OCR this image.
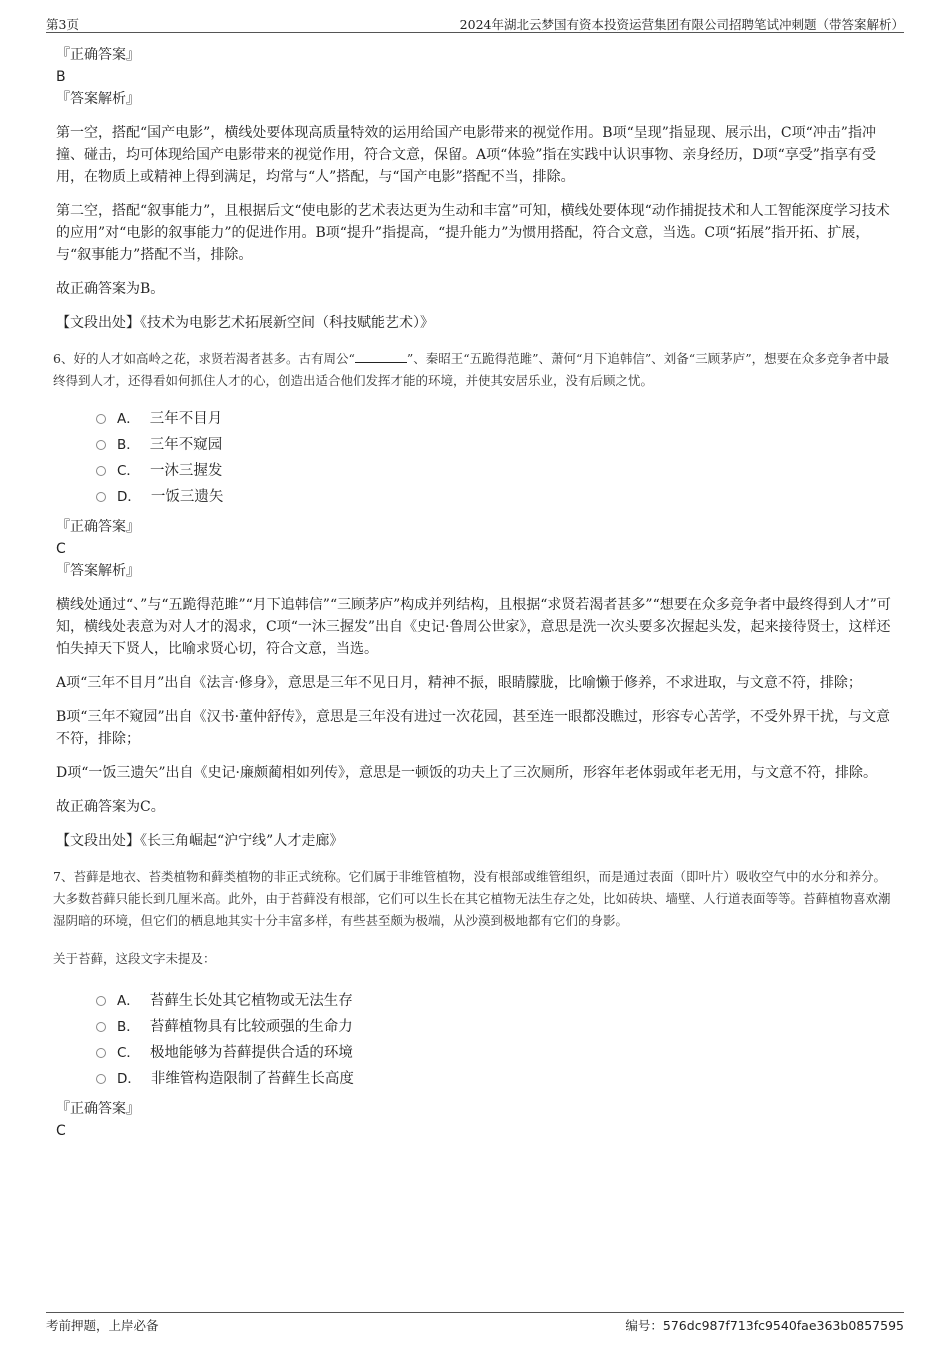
第3页	2024年湖北云梦国有资本投资运营集团有限公司招聘笔试冲刺题（带答案解析）
『正确答案』
B
『答案解析』
第一空，搭配“国产电影”，横线处要体现高质量特效的运用给国产电影带来的视觉作用。B项“呈现”指显现、展示出，C项“冲击”指冲撞、碰击，均可体现给国产电影带来的视觉作用，符合文意，保留。A项“体验”指在实践中认识事物、亲身经历，D项“享受”指享有受用，在物质上或精神上得到满足，均常与“人”搭配，与“国产电影”搭配不当，排除。
第二空，搭配“叙事能力”，且根据后文“使电影的艺术表达更为生动和丰富”可知，横线处要体现“动作捕捉技术和人工智能深度学习技术的应用”对“电影的叙事能力”的促进作用。B项“提升”指提高，“提升能力”为惯用搭配，符合文意，当选。C项“拓展”指开拓、扩展，与“叙事能力”搭配不当，排除。
故正确答案为B。
【文段出处】《技术为电影艺术拓展新空间（科技赋能艺术）》
6、好的人才如高岭之花，求贤若渴者甚多。古有周公“	”、秦昭王“五跪得范雎”、萧何“月下追韩信”、刘备“三顾茅庐”，想要在众多竞争者中最终得到人才，还得看如何抓住人才的心，创造出适合他们发挥才能的环境，并使其安居乐业，没有后顾之忧。
A． 三年不目月
B． 三年不窥园
C． 一沐三握发
D． 一饭三遗矢
『正确答案』
C
『答案解析』
横线处通过“、”与“五跪得范雎”“月下追韩信”“三顾茅庐”构成并列结构，且根据“求贤若渴者甚多”“想要在众多竞争者中最终得到人才”可知，横线处表意为对人才的渴求，C项“一沐三握发”出自《史记·鲁周公世家》，意思是洗一次头要多次握起头发，起来接待贤士，这样还怕失掉天下贤人，比喻求贤心切，符合文意，当选。
A项“三年不目月”出自《法言·修身》，意思是三年不见日月，精神不振，眼睛朦胧，比喻懒于修养，不求进取，与文意不符，排除；
B项“三年不窥园”出自《汉书·董仲舒传》，意思是三年没有进过一次花园，甚至连一眼都没瞧过，形容专心苦学，不受外界干扰，与文意不符，排除；
D项“一饭三遗矢”出自《史记·廉颇蔺相如列传》，意思是一顿饭的功夫上了三次厕所，形容年老体弱或年老无用，与文意不符，排除。
故正确答案为C。
【文段出处】《长三角崛起“沪宁线”人才走廊》
7、苔藓是地衣、苔类植物和藓类植物的非正式统称。它们属于非维管植物，没有根部或维管组织，而是通过表面（即叶片）吸收空气中的水分和养分。大多数苔藓只能长到几厘米高。此外，由于苔藓没有根部，它们可以生长在其它植物无法生存之处，比如砖块、墙壁、人行道表面等等。苔藓植物喜欢潮湿阴暗的环境，但它们的栖息地其实十分丰富多样，有些甚至颇为极端，从沙漠到极地都有它们的身影。
关于苔藓，这段文字未提及：
A． 苔藓生长处其它植物或无法生存
B． 苔藓植物具有比较顽强的生命力
C． 极地能够为苔藓提供合适的环境
D． 非维管构造限制了苔藓生长高度
『正确答案』
C
考前押题，上岸必备	编号：576dc987f713fc9540fae363b0857595
